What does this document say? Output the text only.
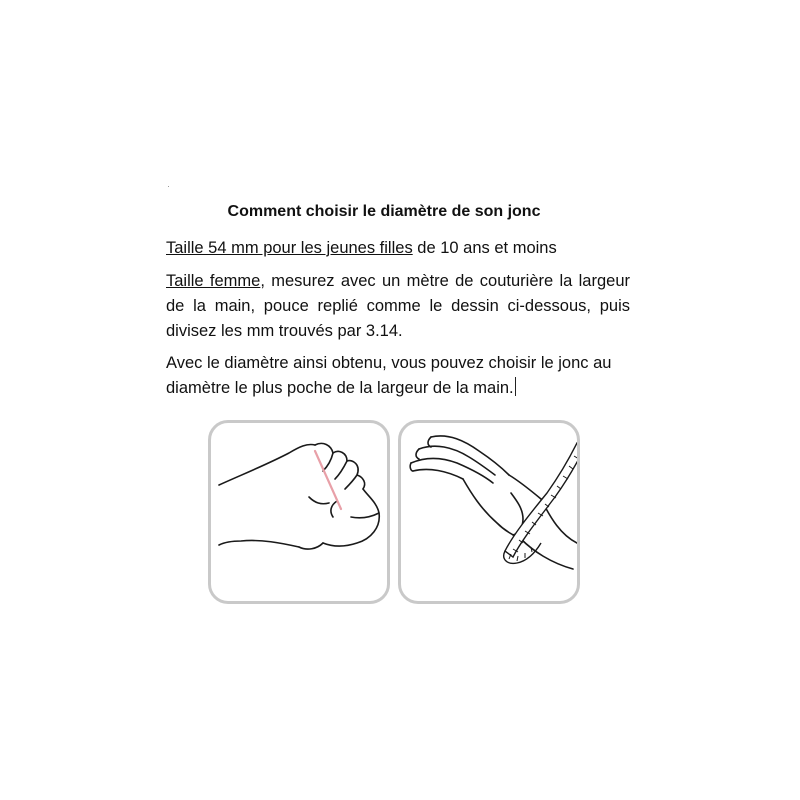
Comment choisir le diamètre de son jonc
Taille 54 mm pour les jeunes filles de 10 ans et moins
Taille femme, mesurez avec un mètre de couturière la largeur de la main, pouce replié comme le dessin ci-dessous, puis divisez les mm trouvés par 3.14.
Avec le diamètre ainsi obtenu, vous pouvez choisir le jonc au diamètre le plus poche de la largeur de la main.
